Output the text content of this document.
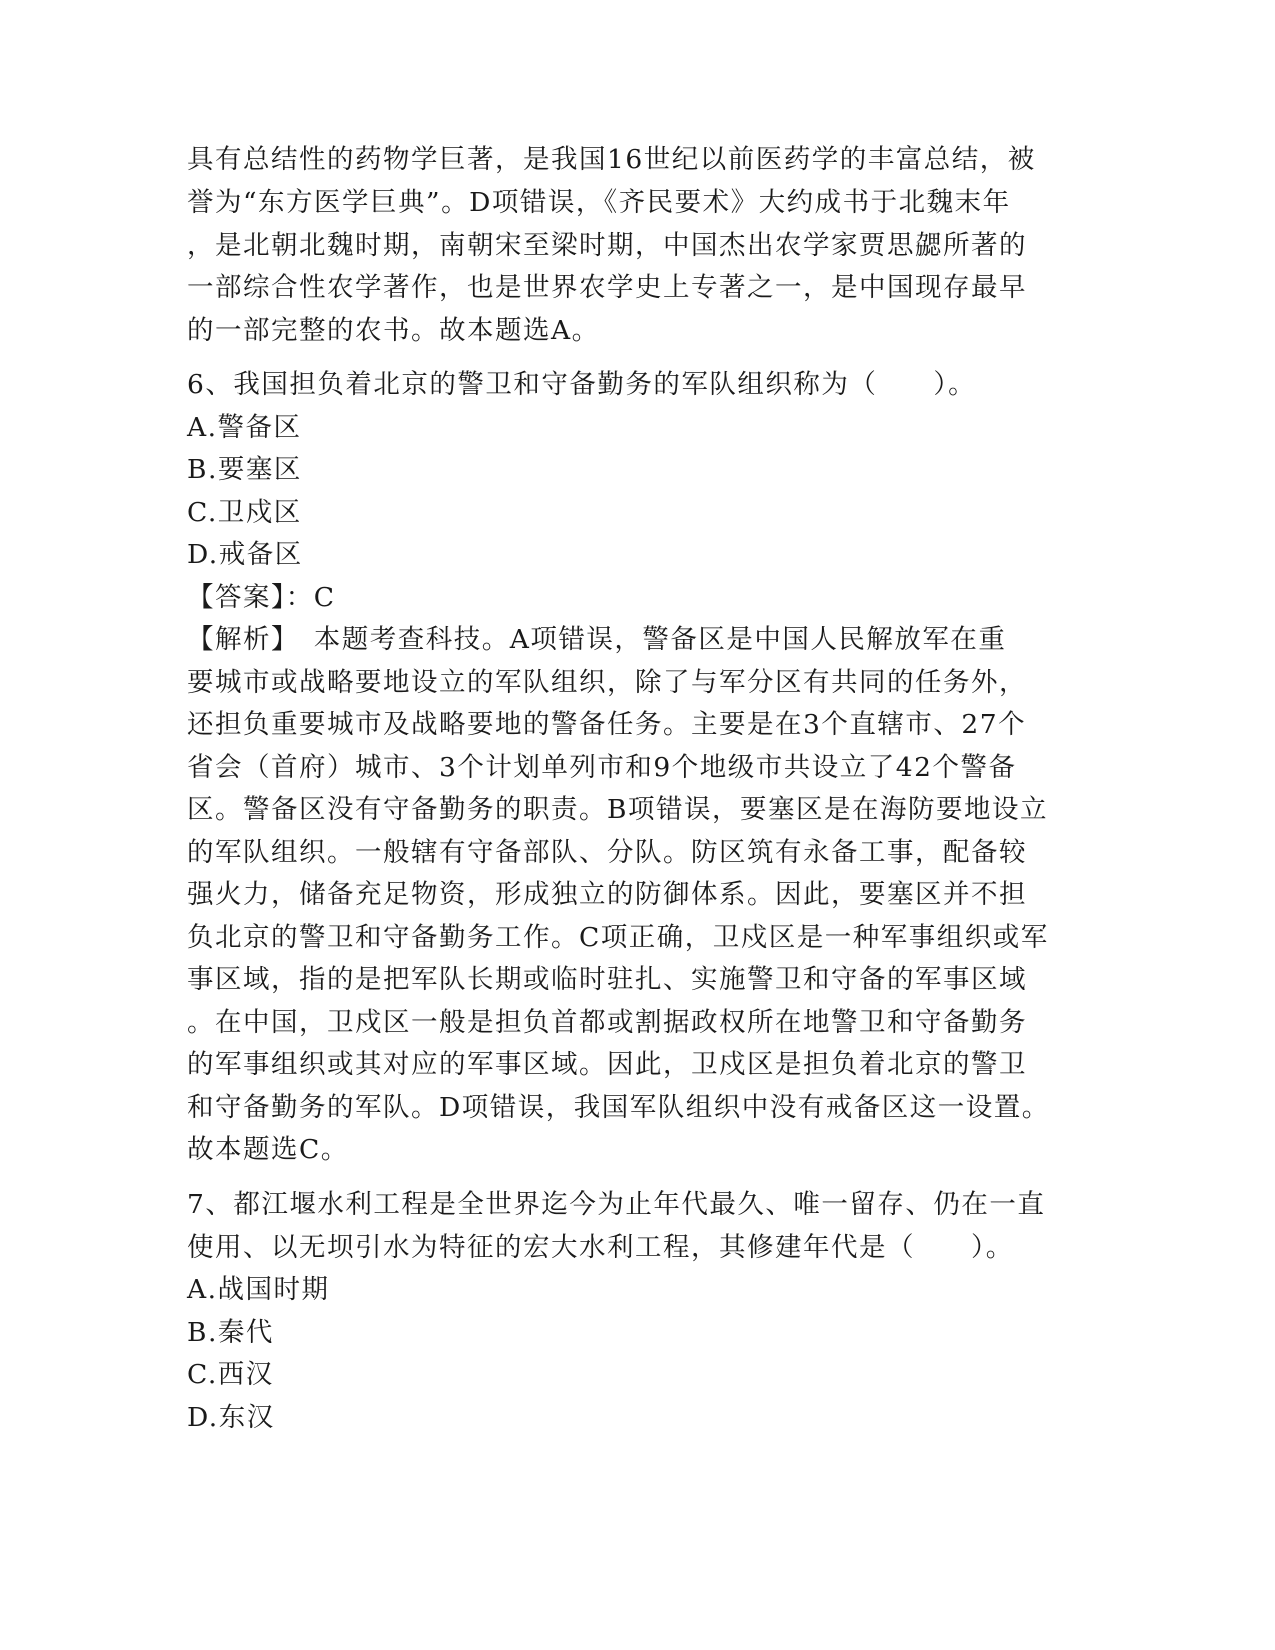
具有总结性的药物学巨著，是我国16世纪以前医药学的丰富总结，被
誉为“东方医学巨典”。D项错误，《齐民要术》大约成书于北魏末年
，是北朝北魏时期，南朝宋至梁时期，中国杰出农学家贾思勰所著的
一部综合性农学著作，也是世界农学史上专著之一，是中国现存最早
的一部完整的农书。故本题选A。
6、我国担负着北京的警卫和守备勤务的军队组织称为（　　）。
A.警备区
B.要塞区
C.卫戍区
D.戒备区
【答案】：C
【解析】　本题考查科技。A项错误，警备区是中国人民解放军在重
要城市或战略要地设立的军队组织，除了与军分区有共同的任务外，
还担负重要城市及战略要地的警备任务。主要是在3个直辖市、27个
省会（首府）城市、3个计划单列市和9个地级市共设立了42个警备
区。警备区没有守备勤务的职责。B项错误，要塞区是在海防要地设立
的军队组织。一般辖有守备部队、分队。防区筑有永备工事，配备较
强火力，储备充足物资，形成独立的防御体系。因此，要塞区并不担
负北京的警卫和守备勤务工作。C项正确，卫戍区是一种军事组织或军
事区域，指的是把军队长期或临时驻扎、实施警卫和守备的军事区域
。在中国，卫戍区一般是担负首都或割据政权所在地警卫和守备勤务
的军事组织或其对应的军事区域。因此，卫戍区是担负着北京的警卫
和守备勤务的军队。D项错误，我国军队组织中没有戒备区这一设置。
故本题选C。
7、都江堰水利工程是全世界迄今为止年代最久、唯一留存、仍在一直
使用、以无坝引水为特征的宏大水利工程，其修建年代是（　　）。
A.战国时期
B.秦代
C.西汉
D.东汉
